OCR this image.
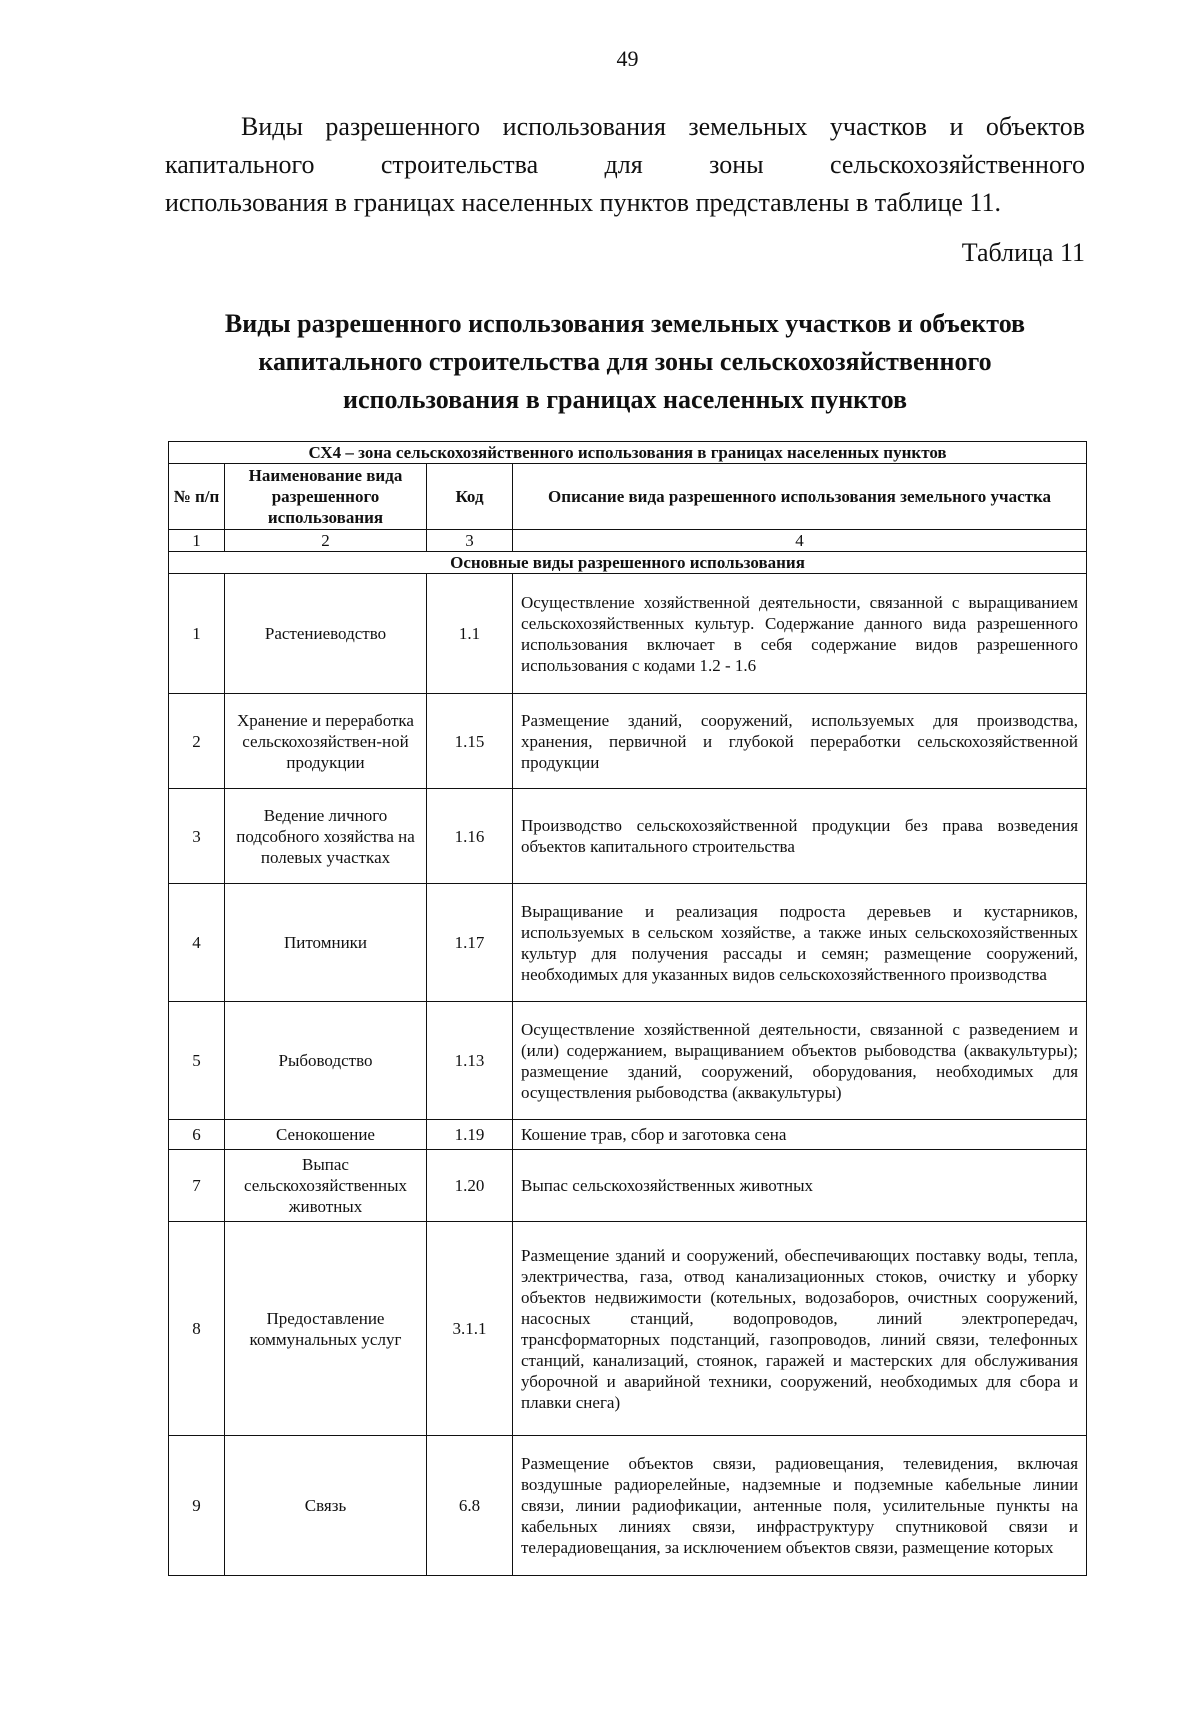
49
Виды разрешенного использования земельных участков и объектов
капитального строительства для зоны сельскохозяйственного
использования в границах населенных пунктов представлены в таблице 11.
Таблица 11
Виды разрешенного использования земельных участков и объектов
капитального строительства для зоны сельскохозяйственного
использования в границах населенных пунктов
СХ4 – зона сельскохозяйственного использования в границах населенных пунктов			
№ п/п	Наименование вида разрешенного использования	Код	Описание вида разрешенного использования земельного участка
1	2	3	4
Основные виды разрешенного использования			
1	Растениеводство	1.1	Осуществление хозяйственной деятельности, связанной с выращиванием сельскохозяйственных культур. Содержание данного вида разрешенного использования включает в себя содержание видов разрешенного использования с кодами 1.2 - 1.6
2	Хранение и переработка сельскохозяйствен-ной продукции	1.15	Размещение зданий, сооружений, используемых для производства, хранения, первичной и глубокой переработки сельскохозяйственной продукции
3	Ведение личного подсобного хозяйства на полевых участках	1.16	Производство сельскохозяйственной продукции без права возведения объектов капитального строительства
4	Питомники	1.17	Выращивание и реализация подроста деревьев и кустарников, используемых в сельском хозяйстве, а также иных сельскохозяйственных культур для получения рассады и семян; размещение сооружений, необходимых для указанных видов сельскохозяйственного производства
5	Рыбоводство	1.13	Осуществление хозяйственной деятельности, связанной с разведением и (или) содержанием, выращиванием объектов рыбоводства (аквакультуры); размещение зданий, сооружений, оборудования, необходимых для осуществления рыбоводства (аквакультуры)
6	Сенокошение	1.19	Кошение трав, сбор и заготовка сена
7	Выпас сельскохозяйственных животных	1.20	Выпас сельскохозяйственных животных
8	Предоставление коммунальных услуг	3.1.1	Размещение зданий и сооружений, обеспечивающих поставку воды, тепла, электричества, газа, отвод канализационных стоков, очистку и уборку объектов недвижимости (котельных, водозаборов, очистных сооружений, насосных станций, водопроводов, линий электропередач, трансформаторных подстанций, газопроводов, линий связи, телефонных станций, канализаций, стоянок, гаражей и мастерских для обслуживания уборочной и аварийной техники, сооружений, необходимых для сбора и плавки снега)
9	Связь	6.8	Размещение объектов связи, радиовещания, телевидения, включая воздушные радиорелейные, надземные и подземные кабельные линии связи, линии радиофикации, антенные поля, усилительные пункты на кабельных линиях связи, инфраструктуру спутниковой связи и телерадиовещания, за исключением объектов связи, размещение которых
